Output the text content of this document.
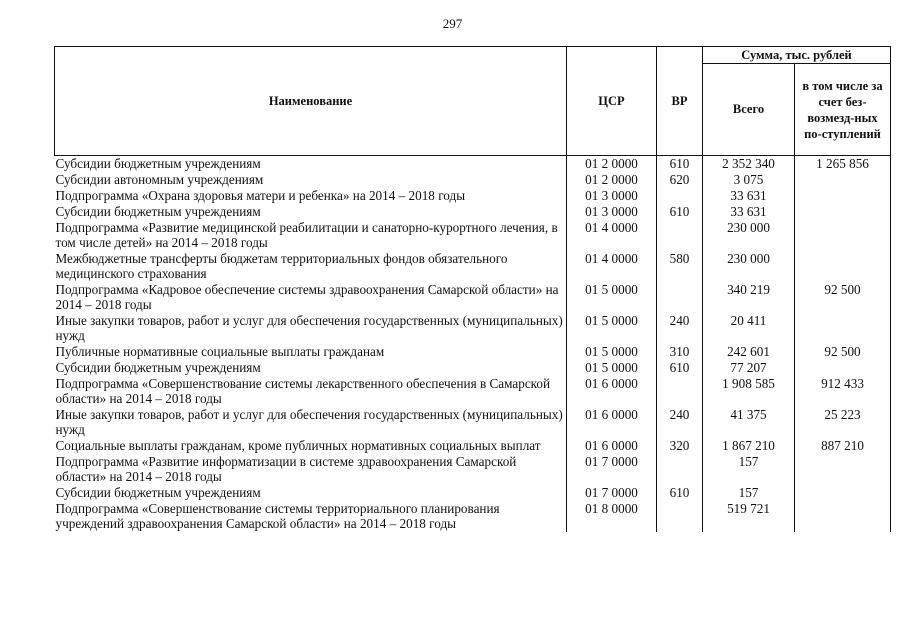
297
Наименование	ЦСР	ВР	Сумма, тыс. рублей	
			Всего	в том числе за счет без-возмезд-ных по-ступлений
Субсидии бюджетным учреждениям	01 2 0000	610	2 352 340	1 265 856
Субсидии автономным учреждениям	01 2 0000	620	3 075	
Подпрограмма «Охрана здоровья матери и ребенка» на 2014 – 2018 годы	01 3 0000		33 631	
Субсидии бюджетным учреждениям	01 3 0000	610	33 631	
Подпрограмма «Развитие медицинской реабилитации и санаторно-курортного лечения, в том числе детей» на 2014 – 2018 годы	01 4 0000		230 000	
Межбюджетные трансферты бюджетам территориальных фондов обязательного медицинского страхования	01 4 0000	580	230 000	
Подпрограмма «Кадровое обеспечение системы здравоохранения Самарской области» на 2014 – 2018 годы	01 5 0000		340 219	92 500
Иные закупки товаров, работ и услуг для обеспечения государственных (муниципальных) нужд	01 5 0000	240	20 411	
Публичные нормативные социальные выплаты гражданам	01 5 0000	310	242 601	92 500
Субсидии бюджетным учреждениям	01 5 0000	610	77 207	
Подпрограмма «Совершенствование системы лекарственного обеспечения в Самарской области» на 2014 – 2018 годы	01 6 0000		1 908 585	912 433
Иные закупки товаров, работ и услуг для обеспечения государственных (муниципальных) нужд	01 6 0000	240	41 375	25 223
Социальные выплаты гражданам, кроме публичных нормативных социальных выплат	01 6 0000	320	1 867 210	887 210
Подпрограмма «Развитие информатизации в системе здравоохранения Самарской области» на 2014 – 2018 годы	01 7 0000		157	
Субсидии бюджетным учреждениям	01 7 0000	610	157	
Подпрограмма «Совершенствование системы территориального планирования учреждений здравоохранения Самарской области» на 2014 – 2018 годы	01 8 0000		519 721	
